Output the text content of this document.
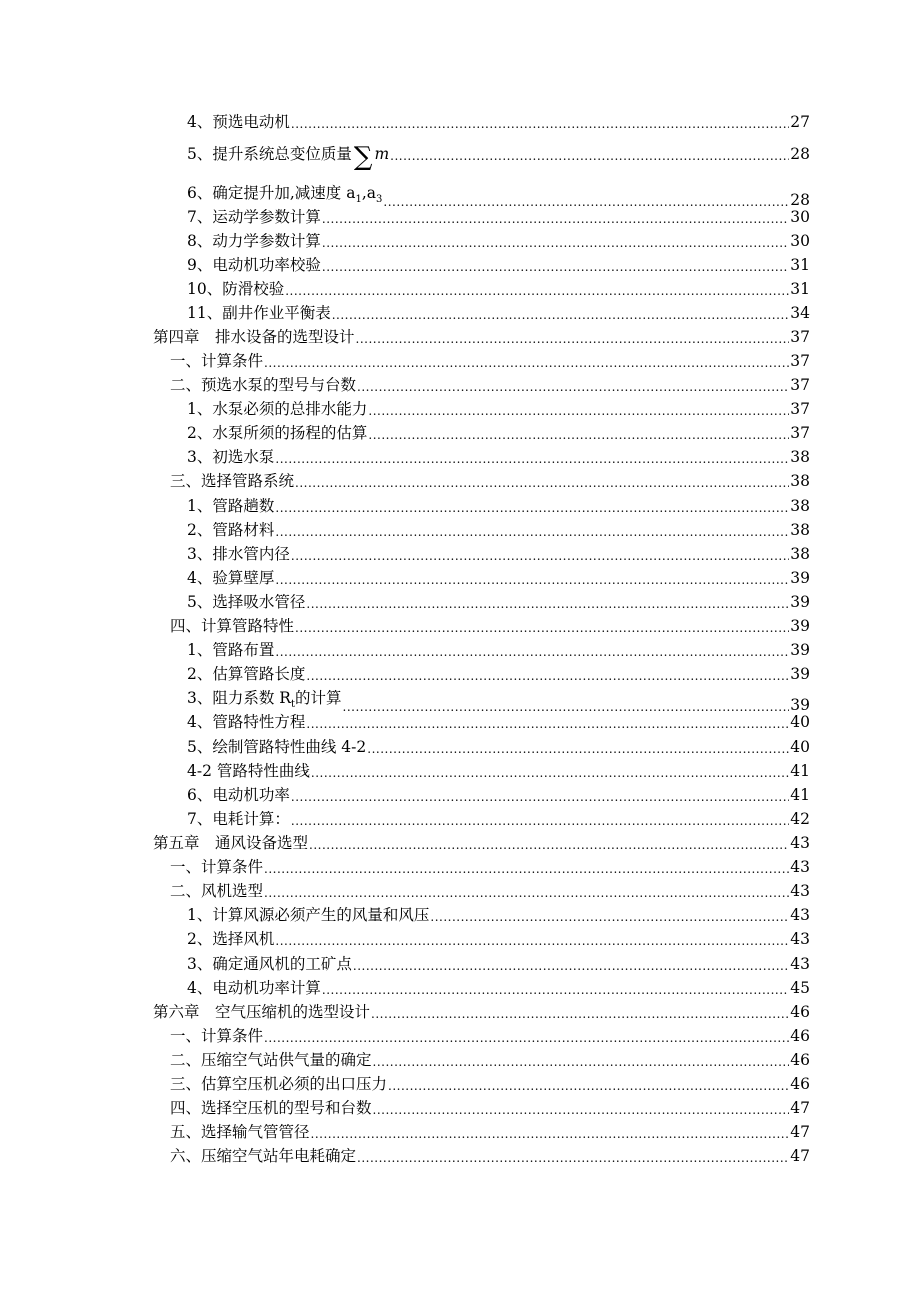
4、预选电动机 .....	27
5、提升系统总变位质量 ∑ m .....	28
6、确定提升加,减速度 $a_1,a_3$ .....	28
7、运动学参数计算 .....	30
8、动力学参数计算 .....	30
9、电动机功率校验 .....	31
10、防滑校验 .....	31
11、副井作业平衡表 .....	34
第四章　排水设备的选型设计 .....	37
一、计算条件 .....	37
二、预选水泵的型号与台数 .....	37
1、水泵必须的总排水能力 .....	37
2、水泵所须的扬程的估算 .....	37
3、初选水泵 .....	38
三、选择管路系统 .....	38
1、管路趟数 .....	38
2、管路材料 .....	38
3、排水管内径 .....	38
4、验算壁厚 .....	39
5、选择吸水管径 .....	39
四、计算管路特性 .....	39
1、管路布置 .....	39
2、估算管路长度 .....	39
3、阻力系数 $R_t$的计算 .....	39
4、管路特性方程 .....	40
5、绘制管路特性曲线 4-2 .....	40
4-2 管路特性曲线 .....	41
6、电动机功率 .....	41
7、电耗计算： .....	42
第五章　通风设备选型 .....	43
一、计算条件 .....	43
二、风机选型 .....	43
1、计算风源必须产生的风量和风压 .....	43
2、选择风机 .....	43
3、确定通风机的工矿点 .....	43
4、电动机功率计算 .....	45
第六章　空气压缩机的选型设计 .....	46
一、计算条件 .....	46
二、压缩空气站供气量的确定 .....	46
三、估算空压机必须的出口压力 .....	46
四、选择空压机的型号和台数 .....	47
五、选择输气管管径 .....	47
六、压缩空气站年电耗确定 .....	47
